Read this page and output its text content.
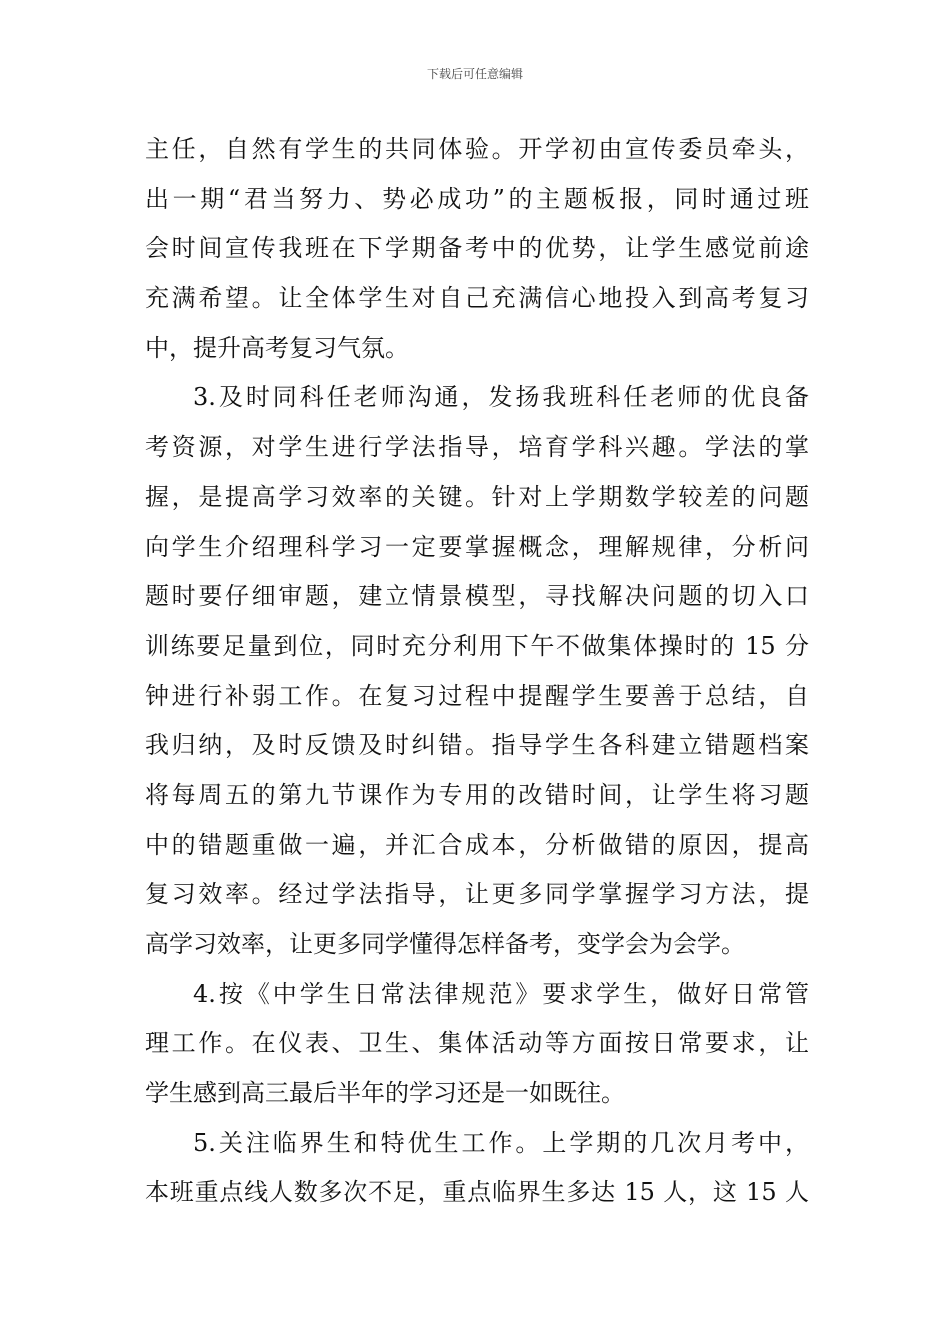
下载后可任意编辑
主任，自然有学生的共同体验。开学初由宣传委员牵头，
出一期“君当努力、势必成功”的主题板报，同时通过班
会时间宣传我班在下学期备考中的优势，让学生感觉前途
充满希望。让全体学生对自己充满信心地投入到高考复习
中，提升高考复习气氛。
3.及时同科任老师沟通，发扬我班科任老师的优良备
考资源，对学生进行学法指导，培育学科兴趣。学法的掌
握，是提高学习效率的关键。针对上学期数学较差的问题
向学生介绍理科学习一定要掌握概念，理解规律，分析问
题时要仔细审题，建立情景模型，寻找解决问题的切入口
训练要足量到位，同时充分利用下午不做集体操时的 15 分
钟进行补弱工作。在复习过程中提醒学生要善于总结，自
我归纳，及时反馈及时纠错。指导学生各科建立错题档案
将每周五的第九节课作为专用的改错时间，让学生将习题
中的错题重做一遍，并汇合成本，分析做错的原因，提高
复习效率。经过学法指导，让更多同学掌握学习方法，提
高学习效率，让更多同学懂得怎样备考，变学会为会学。
4.按《中学生日常法律规范》要求学生，做好日常管
理工作。在仪表、卫生、集体活动等方面按日常要求，让
学生感到高三最后半年的学习还是一如既往。
5.关注临界生和特优生工作。上学期的几次月考中，
本班重点线人数多次不足，重点临界生多达 15 人，这 15 人
